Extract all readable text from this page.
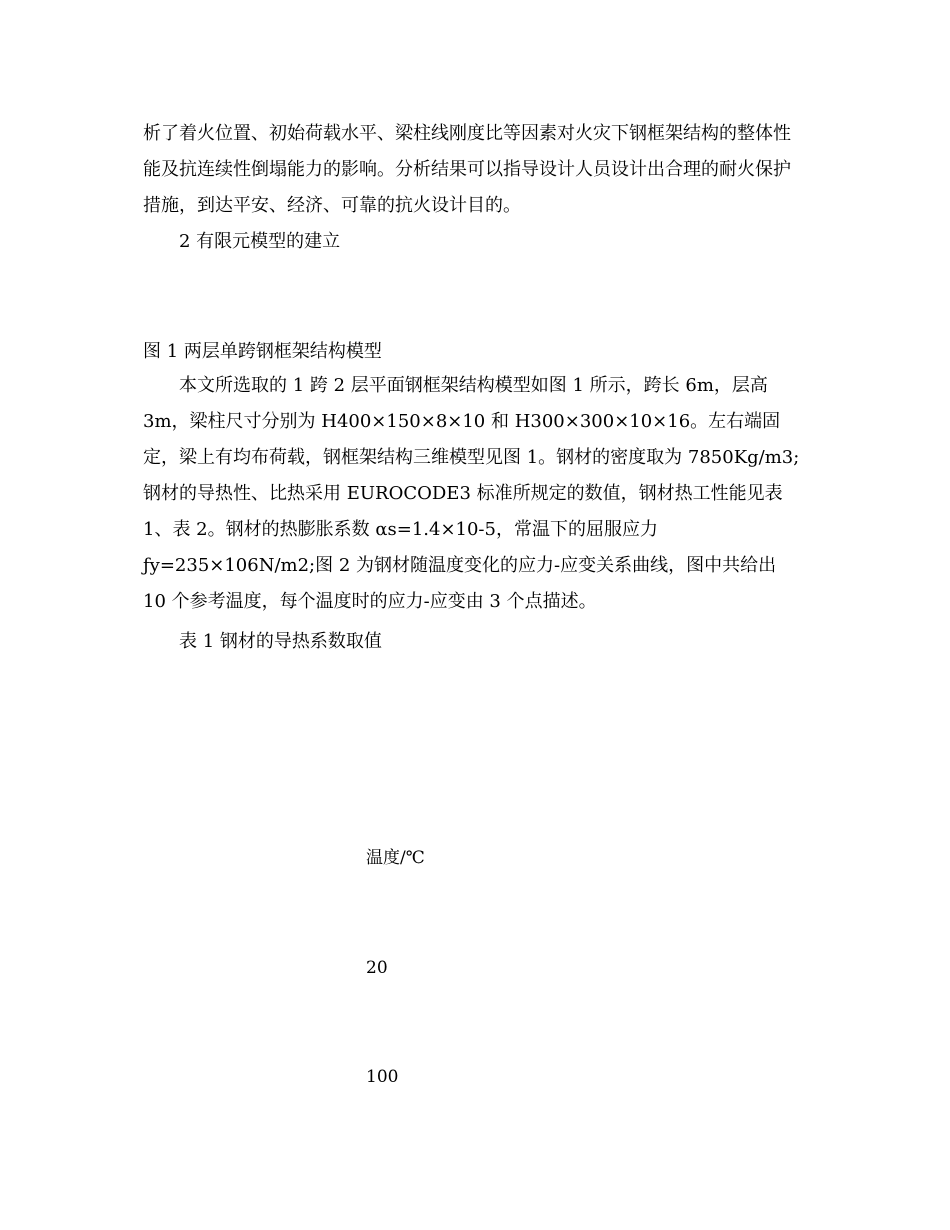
析了着火位置、初始荷载水平、梁柱线刚度比等因素对火灾下钢框架结构的整体性能及抗连续性倒塌能力的影响。分析结果可以指导设计人员设计出合理的耐火保护措施，到达平安、经济、可靠的抗火设计目的。

2 有限元模型的建立

图 1 两层单跨钢框架结构模型

本文所选取的 1 跨 2 层平面钢框架结构模型如图 1 所示，跨长 6m，层高 3m，梁柱尺寸分别为 H400×150×8×10 和 H300×300×10×16。左右端固定，梁上有均布荷载，钢框架结构三维模型见图 1。钢材的密度取为 7850Kg/m3;钢材的导热性、比热采用 EUROCODE3 标准所规定的数值，钢材热工性能见表 1、表 2。钢材的热膨胀系数 αs=1.4×10-5，常温下的屈服应力 ƒy=235×106N/m2;图 2 为钢材随温度变化的应力-应变关系曲线，图中共给出 10 个参考温度，每个温度时的应力-应变由 3 个点描述。

表 1 钢材的导热系数取值

温度/℃
20
100
